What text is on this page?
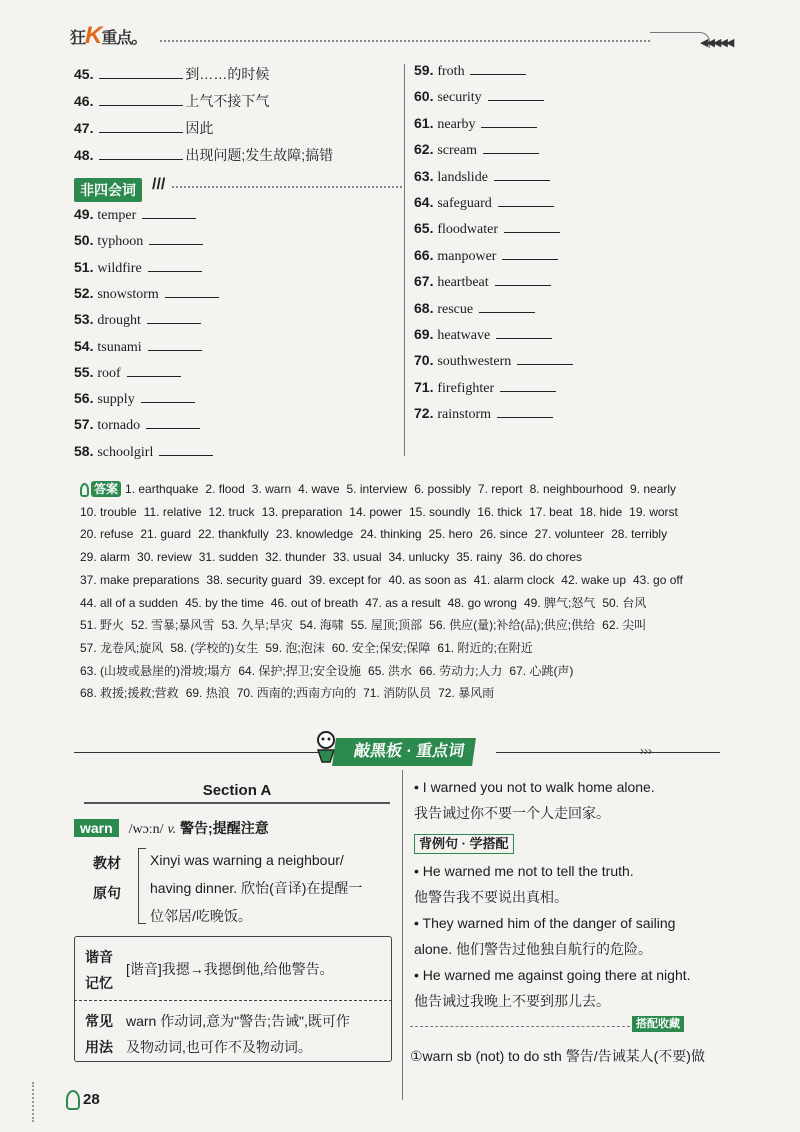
狂K重点。	◀◀◀◀◀
45.	到……的时候
46.	上气不接下气
47.	因此
48.	出现问题;发生故障;搞错
非四会词	///
49. temper
50. typhoon
51. wildfire
52. snowstorm
53. drought
54. tsunami
55. roof
56. supply
57. tornado
58. schoolgirl
59. froth
60. security
61. nearby
62. scream
63. landslide
64. safeguard
65. floodwater
66. manpower
67. heartbeat
68. rescue
69. heatwave
70. southwestern
71. firefighter
72. rainstorm
答案 1. earthquake 2. flood 3. warn 4. wave 5. interview 6. possibly 7. report 8. neighbourhood 9. nearly
10. trouble 11. relative 12. truck 13. preparation 14. power 15. soundly 16. thick 17. beat 18. hide 19. worst
20. refuse 21. guard 22. thankfully 23. knowledge 24. thinking 25. hero 26. since 27. volunteer 28. terribly
29. alarm 30. review 31. sudden 32. thunder 33. usual 34. unlucky 35. rainy 36. do chores
37. make preparations 38. security guard 39. except for 40. as soon as 41. alarm clock 42. wake up 43. go off
44. all of a sudden 45. by the time 46. out of breath 47. as a result 48. go wrong 49. 脾气;怒气 50. 台风
51. 野火 52. 雪暴;暴风雪 53. 久旱;旱灾 54. 海啸 55. 屋顶;顶部 56. 供应(量);补给(品);供应;供给 62. 尖叫
57. 龙卷风;旋风 58. (学校的)女生 59. 泡;泡沫 60. 安全;保安;保障 61. 附近的;在附近
63. (山坡或悬崖的)滑坡;塌方 64. 保护;捍卫;安全设施 65. 洪水 66. 劳动力;人力 67. 心跳(声)
68. 救援;援救;营救 69. 热浪 70. 西南的;西南方向的 71. 消防队员 72. 暴风雨
敲黑板 · 重点词	›››
Section A
warn /wɔːn/ v. 警告;提醒注意
教材
原句
Xinyi was warning a neighbour/
having dinner. 欣怡(音译)在提醒一
位邻居/吃晚饭。
谐音
记忆
[谐音]我摁→我摁倒他,给他警告。
常见
用法
warn 作动词,意为"警告;告诫",既可作
及物动词,也可作不及物动词。
• I warned you not to walk home alone.
我告诫过你不要一个人走回家。
背例句 · 学搭配
• He warned me not to tell the truth.
他警告我不要说出真相。
• They warned him of the danger of sailing
alone. 他们警告过他独自航行的危险。
• He warned me against going there at night.
他告诫过我晚上不要到那儿去。
搭配收藏
①warn sb (not) to do sth 警告/告诫某人(不要)做
28
